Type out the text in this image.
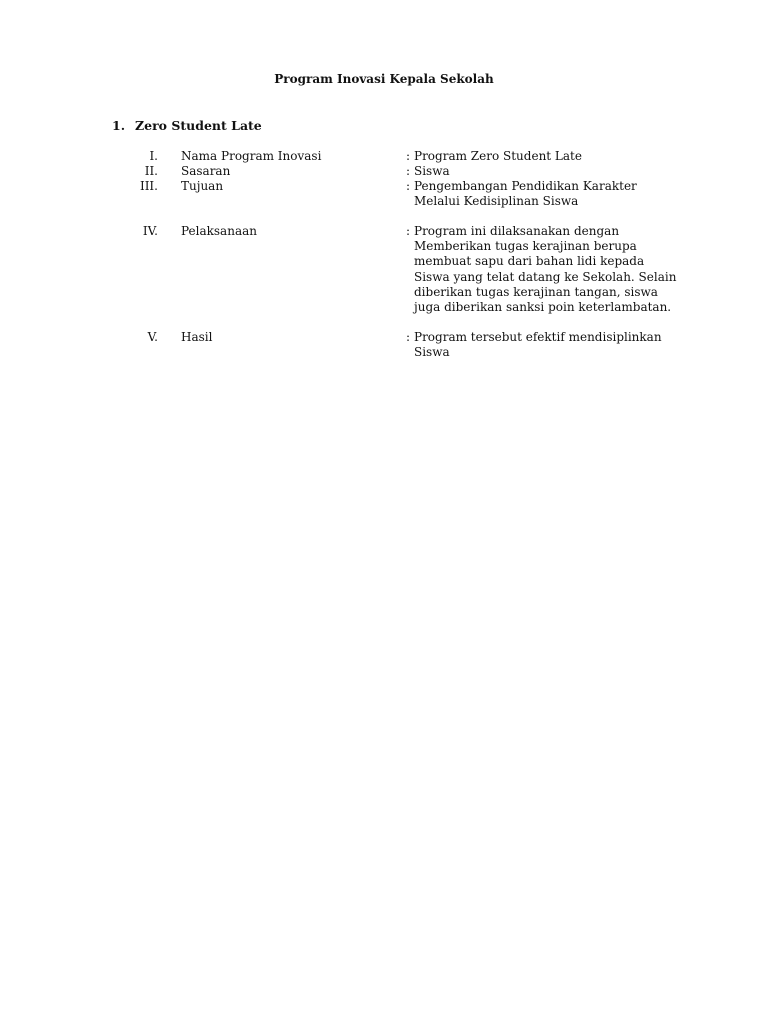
Program Inovasi Kepala Sekolah
1. Zero Student Late
I. Nama Program Inovasi	: Program Zero Student Late
II. Sasaran	: Siswa
III. Tujuan	: Pengembangan Pendidikan Karakter
Melalui Kedisiplinan Siswa
IV. Pelaksanaan	: Program ini dilaksanakan dengan
Memberikan tugas kerajinan berupa
membuat sapu dari bahan lidi kepada
Siswa yang telat datang ke Sekolah. Selain
diberikan tugas kerajinan tangan, siswa
juga diberikan sanksi poin keterlambatan.
V. Hasil	: Program tersebut efektif mendisiplinkan
Siswa
